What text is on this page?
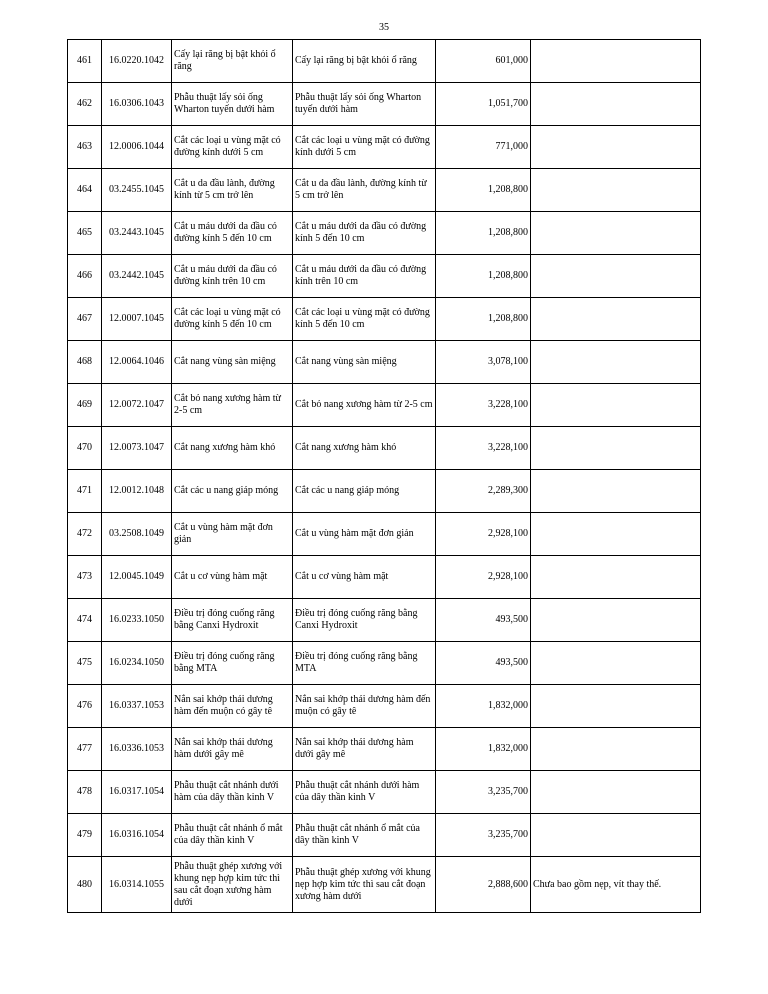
35
461	16.0220.1042	Cấy lại răng bị bật khỏi ổ răng	Cấy lại răng bị bật khỏi ổ răng	601,000	
462	16.0306.1043	Phẫu thuật lấy sỏi ống Wharton tuyến dưới hàm	Phẫu thuật lấy sỏi ống Wharton tuyến dưới hàm	1,051,700	
463	12.0006.1044	Cắt các loại u vùng mặt có đường kính dưới 5 cm	Cắt các loại u vùng mặt có đường kính dưới 5 cm	771,000	
464	03.2455.1045	Cắt u da đầu lành, đường kính từ 5 cm trở lên	Cắt u da đầu lành, đường kính từ 5 cm trở lên	1,208,800	
465	03.2443.1045	Cắt u máu dưới da đầu có đường kính 5 đến 10 cm	Cắt u máu dưới da đầu có đường kính 5 đến 10 cm	1,208,800	
466	03.2442.1045	Cắt u máu dưới da đầu có đường kính trên 10 cm	Cắt u máu dưới da đầu có đường kính trên 10 cm	1,208,800	
467	12.0007.1045	Cắt các loại u vùng mặt có đường kính 5 đến 10 cm	Cắt các loại u vùng mặt có đường kính 5 đến 10 cm	1,208,800	
468	12.0064.1046	Cắt nang vùng sàn miệng	Cắt nang vùng sàn miệng	3,078,100	
469	12.0072.1047	Cắt bỏ nang xương hàm từ 2-5 cm	Cắt bỏ nang xương hàm từ 2-5 cm	3,228,100	
470	12.0073.1047	Cắt nang xương hàm khó	Cắt nang xương hàm khó	3,228,100	
471	12.0012.1048	Cắt các u nang giáp móng	Cắt các u nang giáp móng	2,289,300	
472	03.2508.1049	Cắt u vùng hàm mặt đơn giản	Cắt u vùng hàm mặt đơn giản	2,928,100	
473	12.0045.1049	Cắt u cơ vùng hàm mặt	Cắt u cơ vùng hàm mặt	2,928,100	
474	16.0233.1050	Điều trị đóng cuống răng bằng Canxi Hydroxit	Điều trị đóng cuống răng bằng Canxi Hydroxit	493,500	
475	16.0234.1050	Điều trị đóng cuống răng bằng MTA	Điều trị đóng cuống răng bằng MTA	493,500	
476	16.0337.1053	Nắn sai khớp thái dương hàm đến muộn có gây tê	Nắn sai khớp thái dương hàm đến muộn có gây tê	1,832,000	
477	16.0336.1053	Nắn sai khớp thái dương hàm dưới gây mê	Nắn sai khớp thái dương hàm dưới gây mê	1,832,000	
478	16.0317.1054	Phẫu thuật cắt nhánh dưới hàm của dây thần kinh V	Phẫu thuật cắt nhánh dưới hàm của dây thần kinh V	3,235,700	
479	16.0316.1054	Phẫu thuật cắt nhánh ổ mắt của dây thần kinh V	Phẫu thuật cắt nhánh ổ mắt của dây thần kinh V	3,235,700	
480	16.0314.1055	Phẫu thuật ghép xương với khung nẹp hợp kim tức thì sau cắt đoạn xương hàm dưới	Phẫu thuật ghép xương với khung nẹp hợp kim tức thì sau cắt đoạn xương hàm dưới	2,888,600	Chưa bao gồm nẹp, vít thay thế.
